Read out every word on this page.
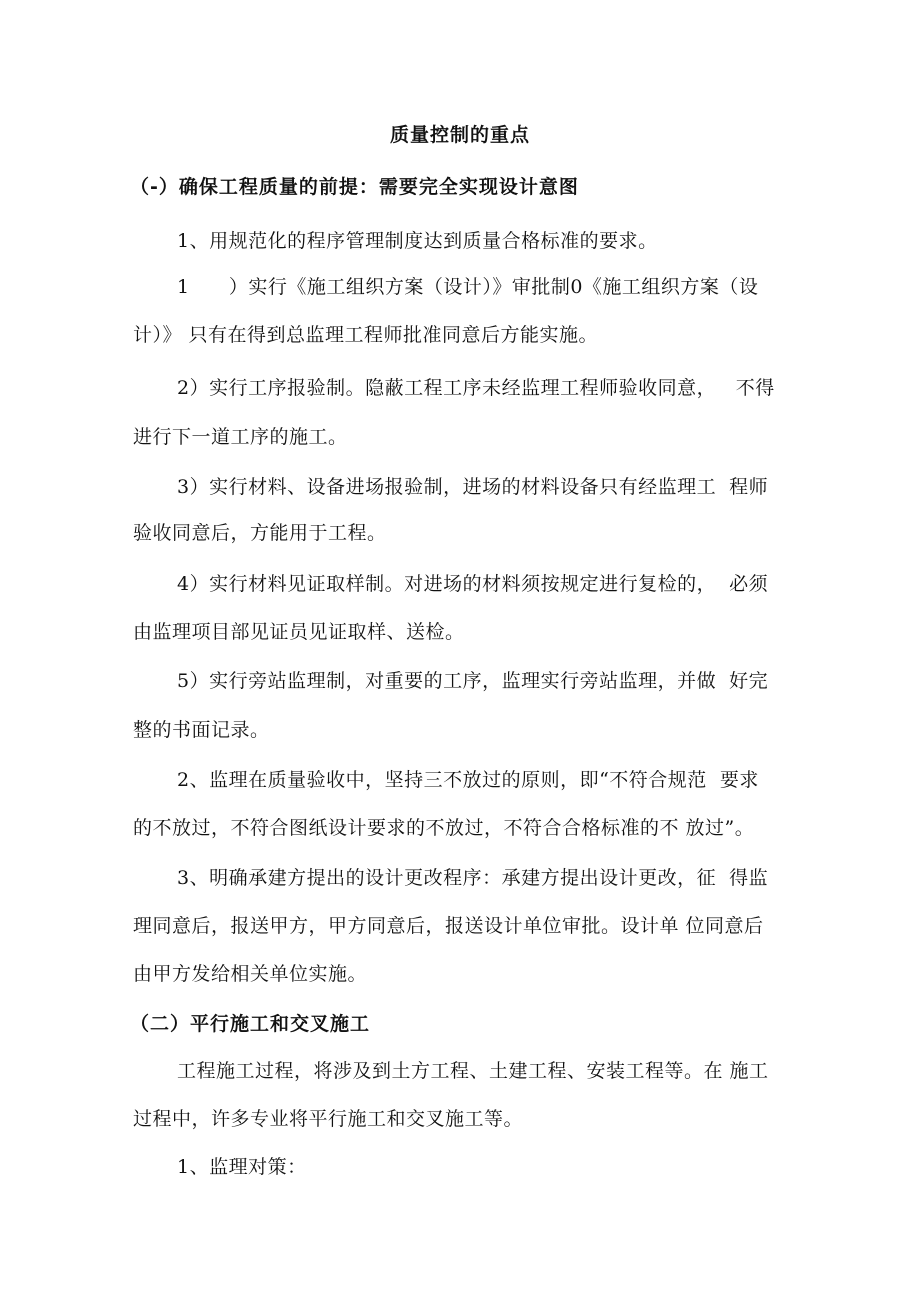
质量控制的重点
（-）确保工程质量的前提：需要完全实现设计意图
1、用规范化的程序管理制度达到质量合格标准的要求。
1      ）实行《施工组织方案（设计）》审批制0《施工组织方案（设
计）》 只有在得到总监理工程师批准同意后方能实施。
2）实行工序报验制。隐蔽工程工序未经监理工程师验收同意，   不得
进行下一道工序的施工。
3）实行材料、设备进场报验制，进场的材料设备只有经监理工  程师
验收同意后，方能用于工程。
4）实行材料见证取样制。对进场的材料须按规定进行复检的，  必须
由监理项目部见证员见证取样、送检。
5）实行旁站监理制，对重要的工序，监理实行旁站监理，并做  好完
整的书面记录。
2、监理在质量验收中，坚持三不放过的原则，即“不符合规范  要求
的不放过，不符合图纸设计要求的不放过，不符合合格标准的不 放过”。
3、明确承建方提出的设计更改程序：承建方提出设计更改，征  得监
理同意后，报送甲方，甲方同意后，报送设计单位审批。设计单 位同意后
由甲方发给相关单位实施。
（二）平行施工和交叉施工
工程施工过程，将涉及到土方工程、土建工程、安装工程等。在 施工
过程中，许多专业将平行施工和交叉施工等。
1、监理对策：
